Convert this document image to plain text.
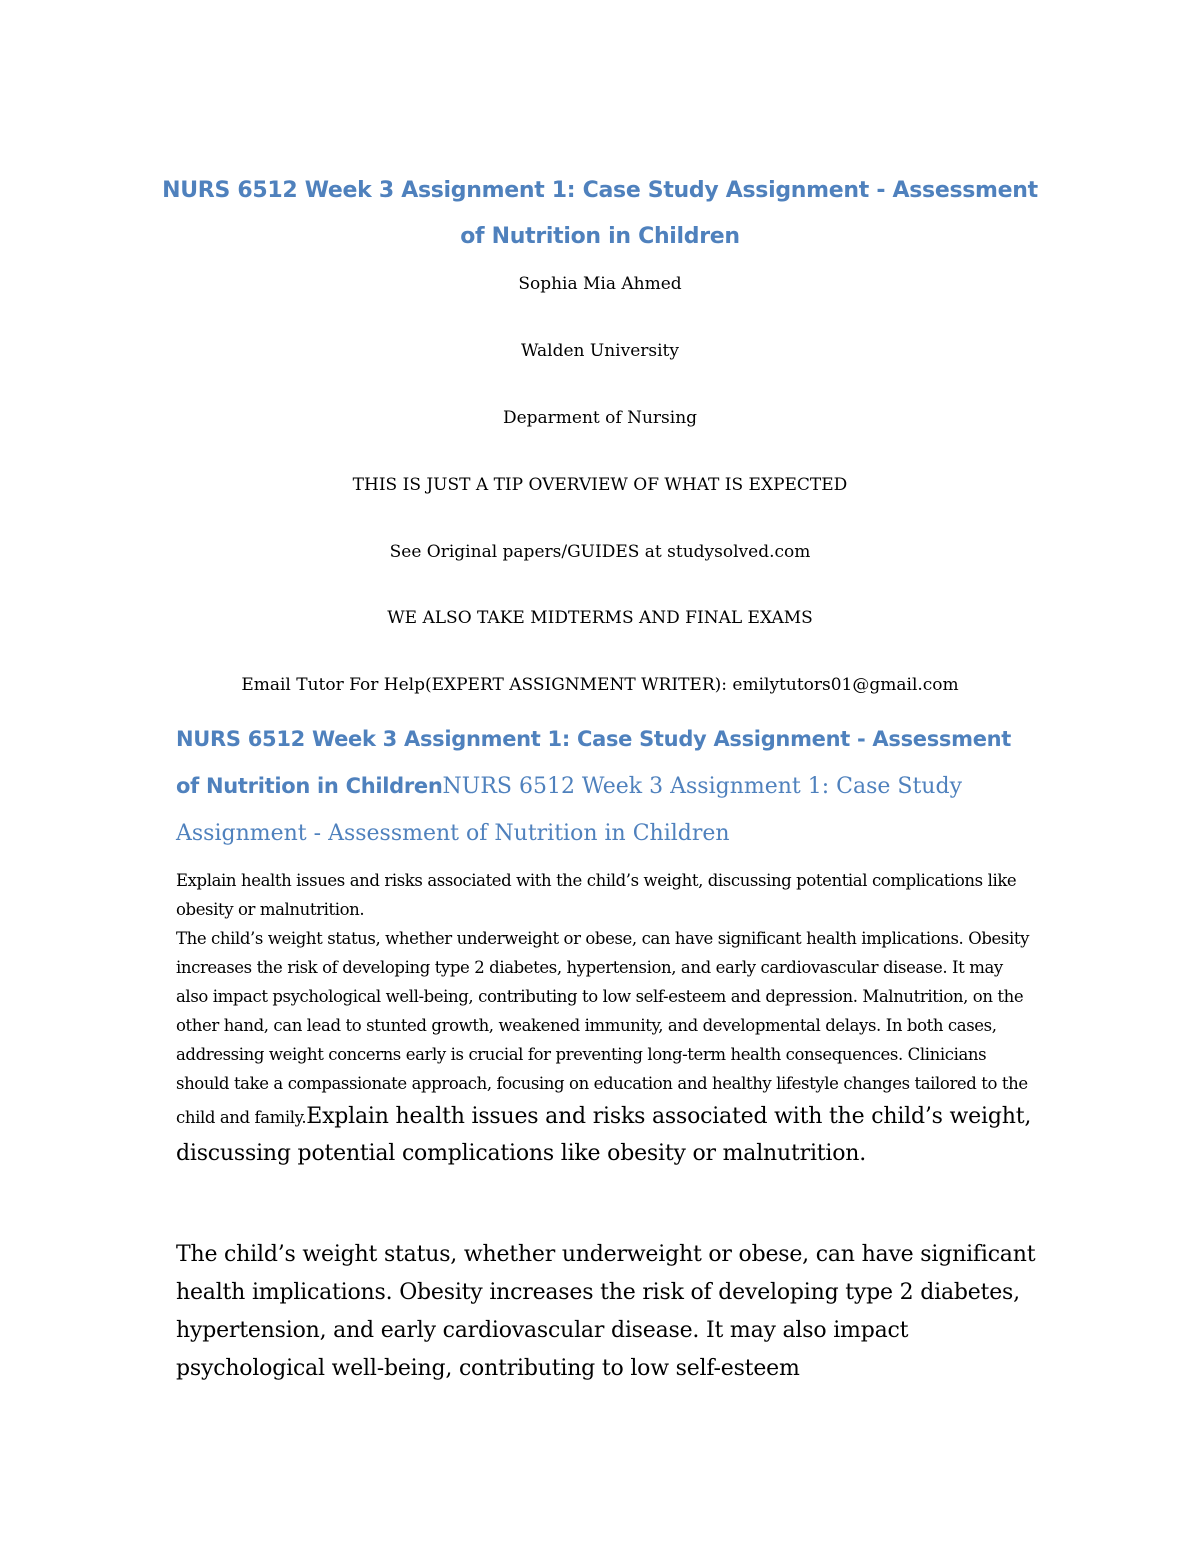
NURS 6512 Week 3 Assignment 1: Case Study Assignment - Assessment of Nutrition in Children
Sophia Mia Ahmed
Walden University
Deparment of Nursing
THIS IS JUST A TIP OVERVIEW OF WHAT IS EXPECTED
See Original papers/GUIDES at studysolved.com
WE ALSO TAKE MIDTERMS AND FINAL EXAMS
Email Tutor For Help(EXPERT ASSIGNMENT WRITER): emilytutors01@gmail.com
NURS 6512 Week 3 Assignment 1: Case Study Assignment - Assessment of Nutrition in ChildrenNURS 6512 Week 3 Assignment 1: Case Study Assignment - Assessment of Nutrition in Children

Explain health issues and risks associated with the child’s weight, discussing potential complications like obesity or malnutrition.

The child’s weight status, whether underweight or obese, can have significant health implications. Obesity increases the risk of developing type 2 diabetes, hypertension, and early cardiovascular disease. It may also impact psychological well-being, contributing to low self-esteem and depression. Malnutrition, on the other hand, can lead to stunted growth, weakened immunity, and developmental delays. In both cases, addressing weight concerns early is crucial for preventing long-term health consequences. Clinicians should take a compassionate approach, focusing on education and healthy lifestyle changes tailored to the child and family.Explain health issues and risks associated with the child’s weight, discussing potential complications like obesity or malnutrition.

The child’s weight status, whether underweight or obese, can have significant health implications. Obesity increases the risk of developing type 2 diabetes, hypertension, and early cardiovascular disease. It may also impact psychological well-being, contributing to low self-esteem
